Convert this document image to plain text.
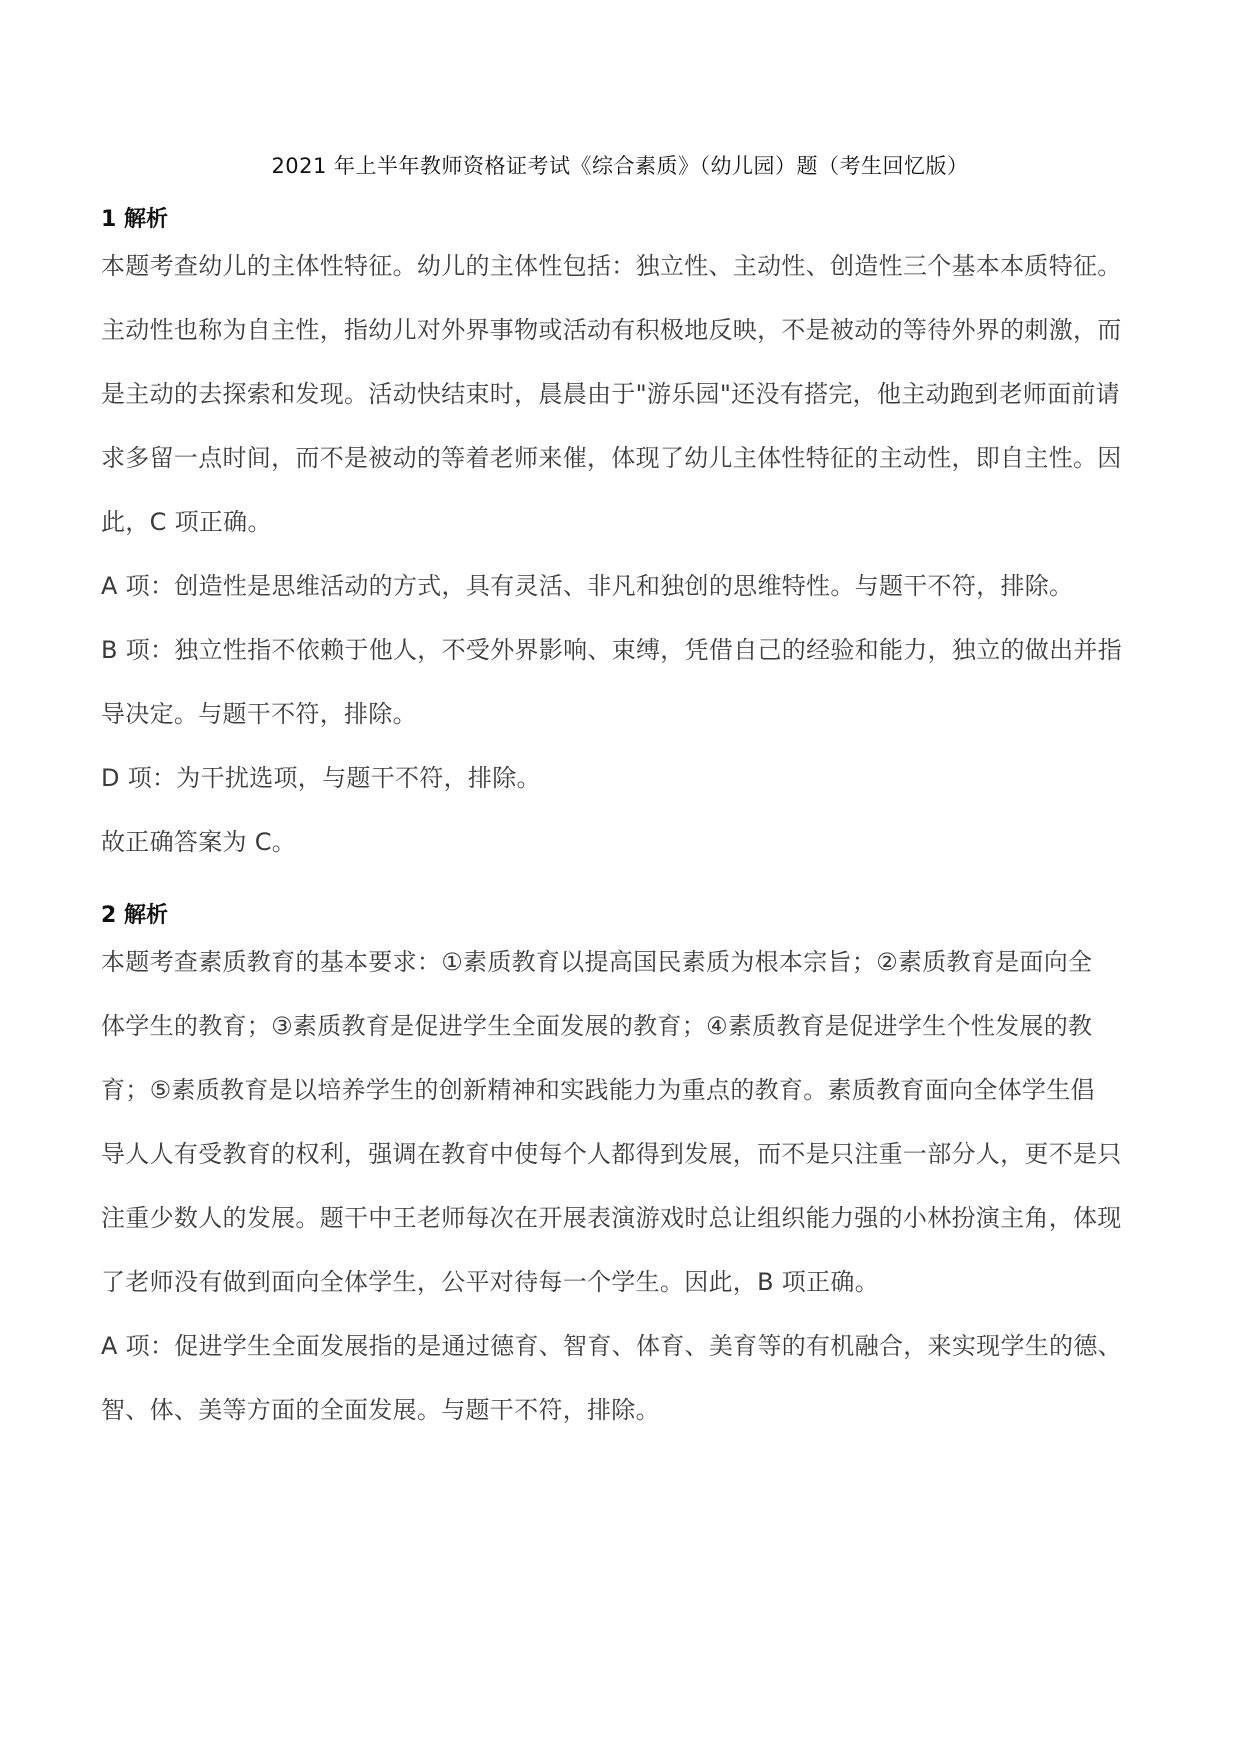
2021 年上半年教师资格证考试《综合素质》（幼儿园）题（考生回忆版）
1 解析
本题考查幼儿的主体性特征。幼儿的主体性包括：独立性、主动性、创造性三个基本本质特征。
主动性也称为自主性，指幼儿对外界事物或活动有积极地反映，不是被动的等待外界的刺激，而
是主动的去探索和发现。活动快结束时，晨晨由于"游乐园"还没有搭完，他主动跑到老师面前请
求多留一点时间，而不是被动的等着老师来催，体现了幼儿主体性特征的主动性，即自主性。因
此，C 项正确。
A 项：创造性是思维活动的方式，具有灵活、非凡和独创的思维特性。与题干不符，排除。
B 项：独立性指不依赖于他人，不受外界影响、束缚，凭借自己的经验和能力，独立的做出并指
导决定。与题干不符，排除。
D 项：为干扰选项，与题干不符，排除。
故正确答案为 C。
2 解析
本题考查素质教育的基本要求：①素质教育以提高国民素质为根本宗旨；②素质教育是面向全
体学生的教育；③素质教育是促进学生全面发展的教育；④素质教育是促进学生个性发展的教
育；⑤素质教育是以培养学生的创新精神和实践能力为重点的教育。素质教育面向全体学生倡
导人人有受教育的权利，强调在教育中使每个人都得到发展，而不是只注重一部分人，更不是只
注重少数人的发展。题干中王老师每次在开展表演游戏时总让组织能力强的小林扮演主角，体现
了老师没有做到面向全体学生，公平对待每一个学生。因此，B 项正确。
A 项：促进学生全面发展指的是通过德育、智育、体育、美育等的有机融合，来实现学生的德、
智、体、美等方面的全面发展。与题干不符，排除。
